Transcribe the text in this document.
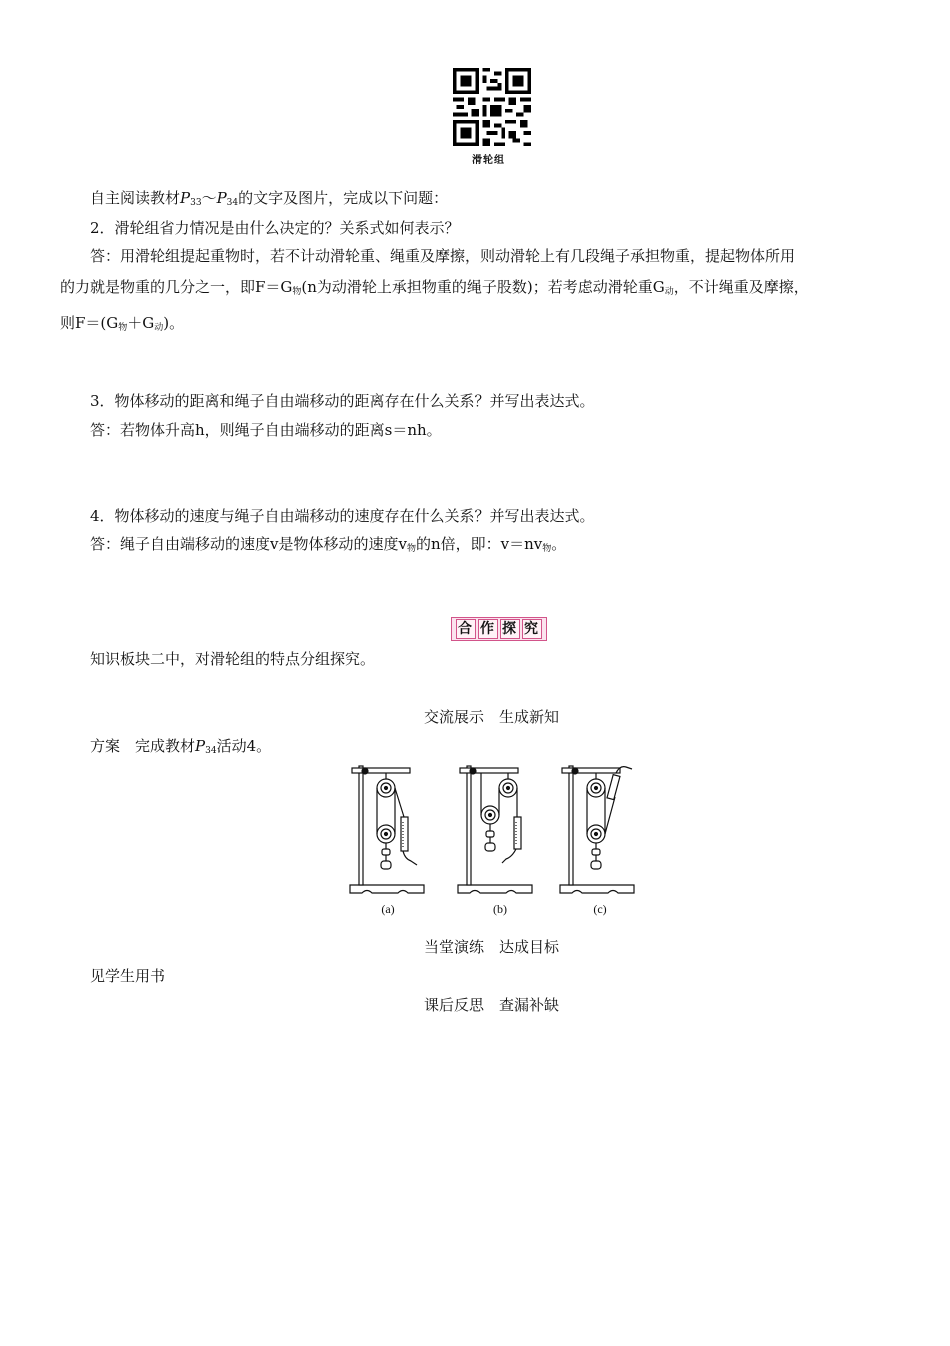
滑轮组
自主阅读教材$P_{33}\sim P_{34}$的文字及图片，完成以下问题：
2．滑轮组省力情况是由什么决定的？关系式如何表示？
答：用滑轮组提起重物时，若不计动滑轮重、绳重及摩擦，则动滑轮上有几段绳子承担物重，提起物体所用
的力就是物重的几分之一，即$F=G_物(n$为动滑轮上承担物重的绳子股数)；若考虑动滑轮重$G_动$，不计绳重及摩擦，
则$F=(G_物+G_动)$。
3．物体移动的距离和绳子自由端移动的距离存在什么关系？并写出表达式。
答：若物体升高h，则绳子自由端移动的距离s＝nh。
4．物体移动的速度与绳子自由端移动的速度存在什么关系？并写出表达式。
答：绳子自由端移动的速度v是物体移动的速度$v_物$的n倍，即：$v=nv_物$。
合 作 探 究
知识板块二中，对滑轮组的特点分组探究。
交流展示　生成新知
方案　完成教材$P_{34}$活动4。
(a)	(b)	(c)
当堂演练　达成目标
见学生用书
课后反思　查漏补缺
